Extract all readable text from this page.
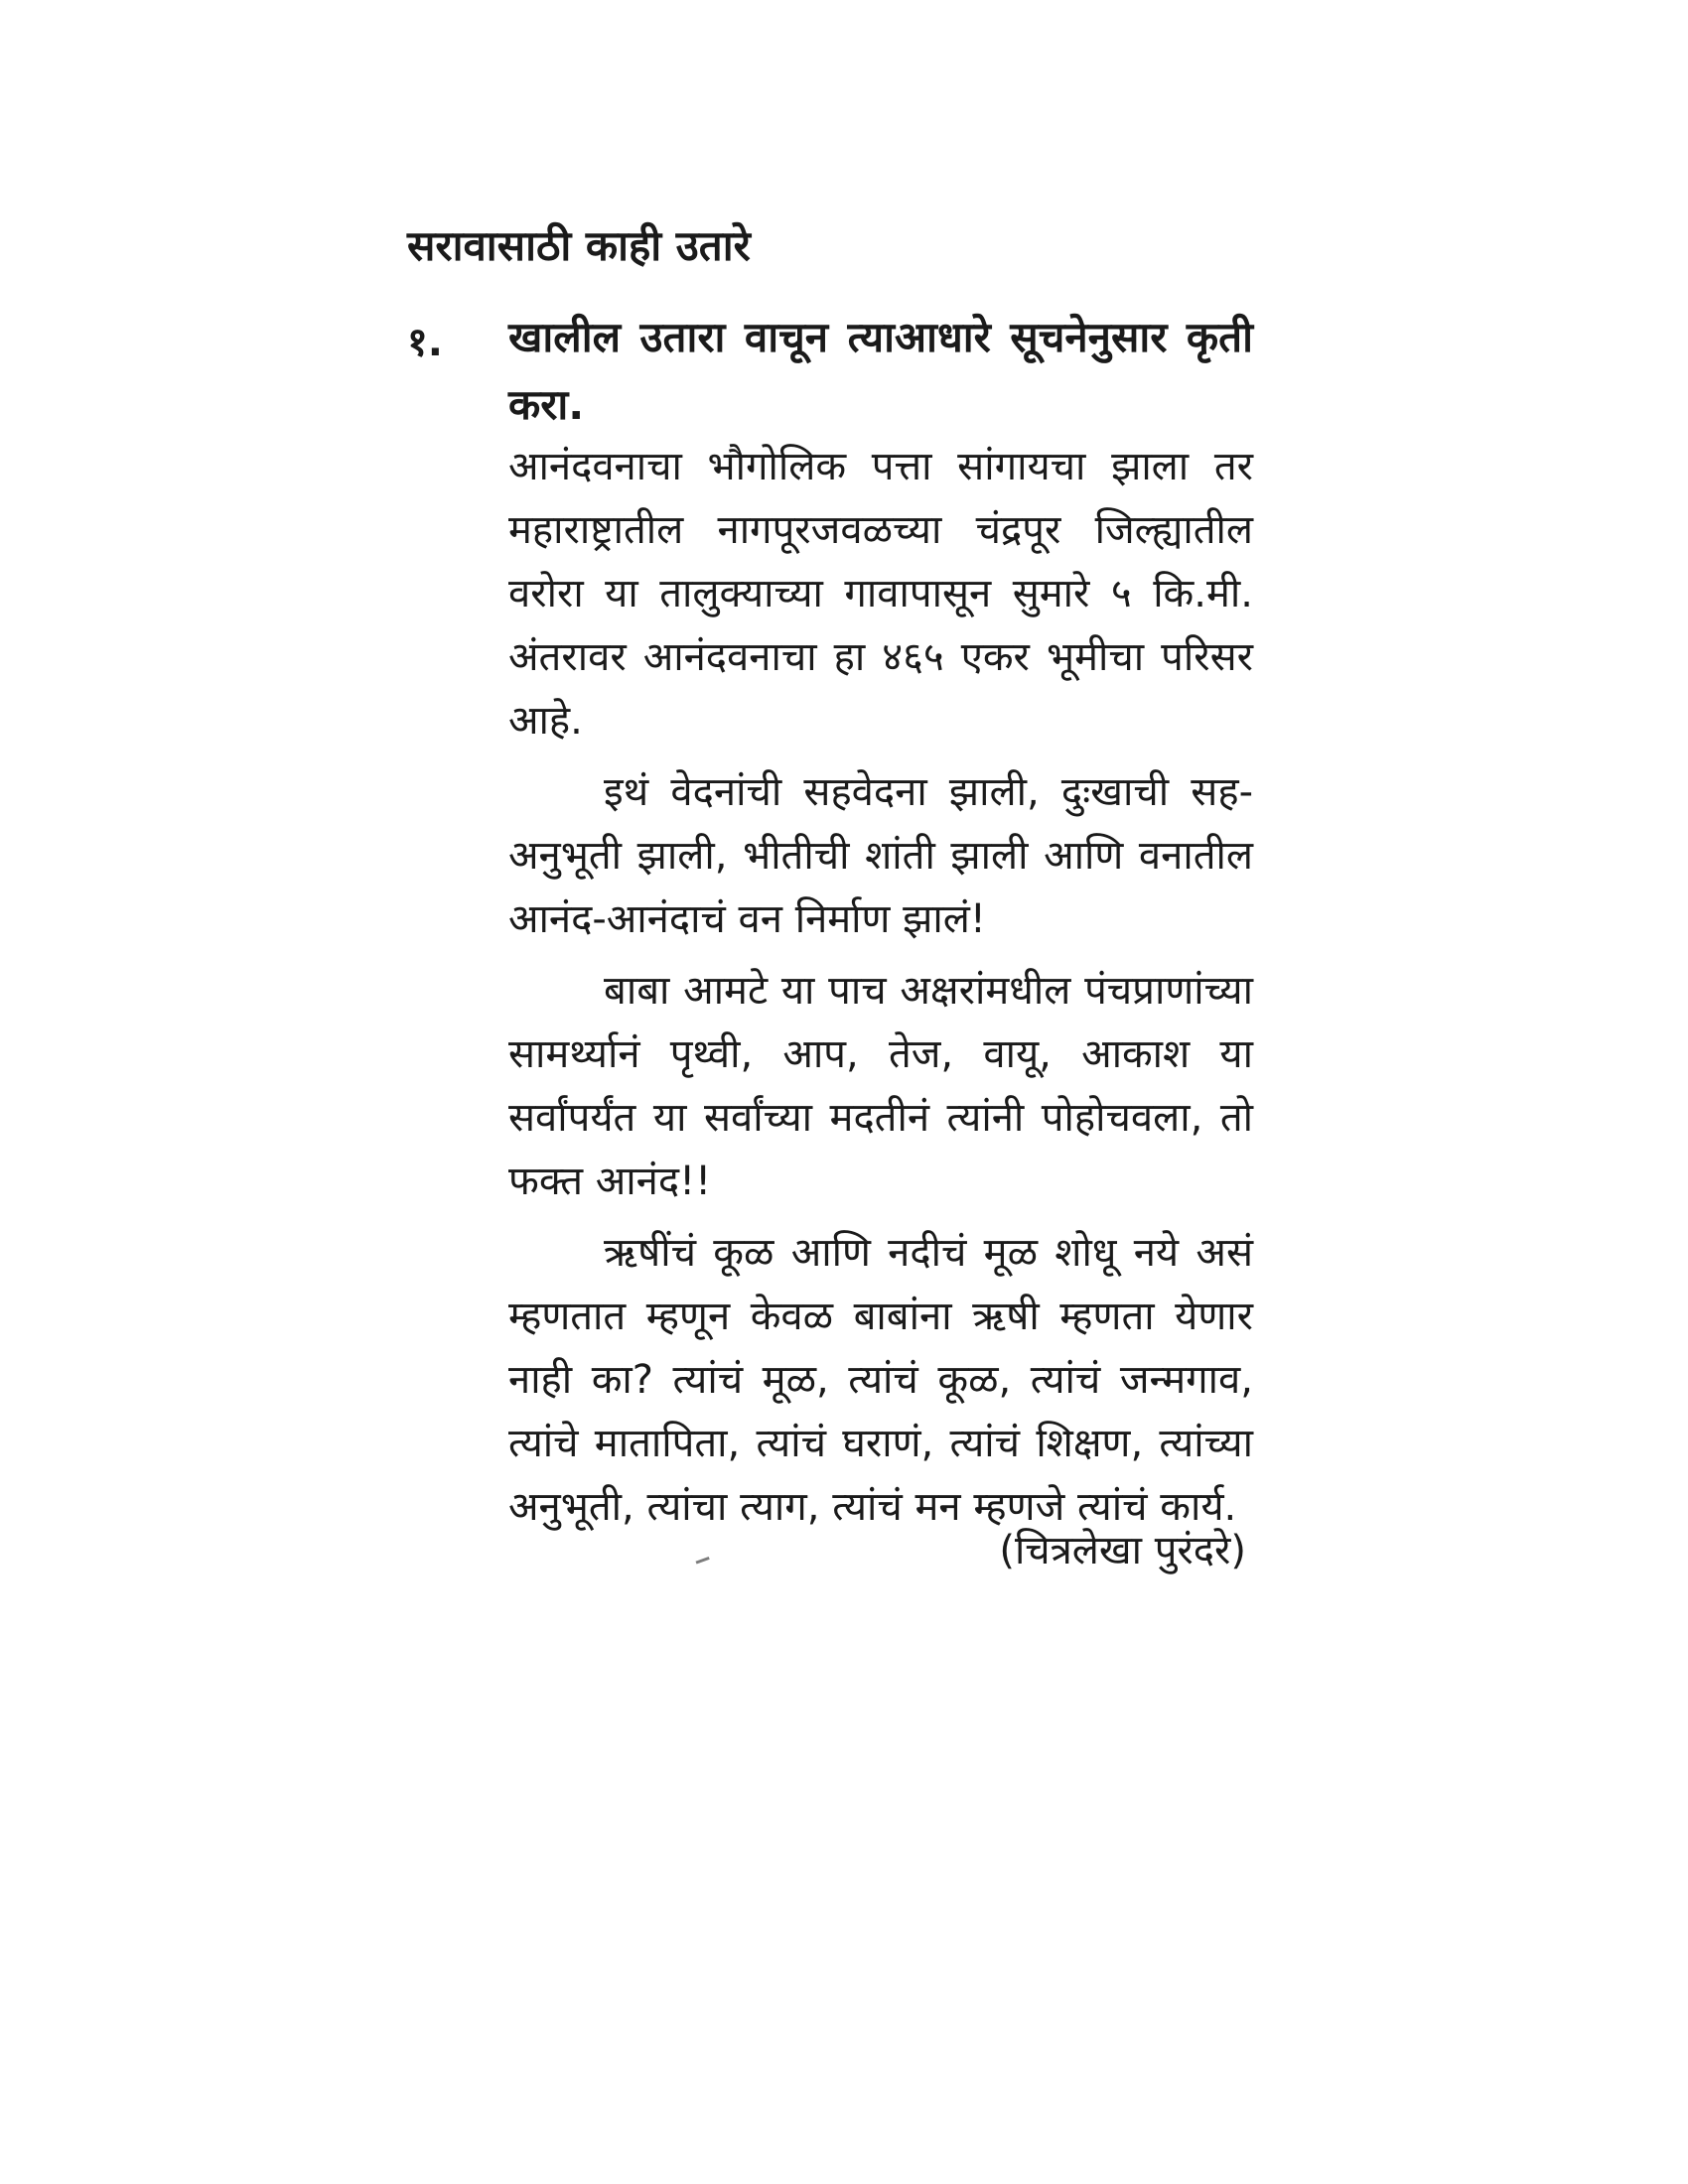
सरावासाठी काही उतारे
१. खालील उतारा वाचून त्याआधारे सूचनेनुसार कृती करा.

आनंदवनाचा भौगोलिक पत्ता सांगायचा झाला तर महाराष्ट्रातील नागपूरजवळच्या चंद्रपूर जिल्ह्यातील वरोरा या तालुक्याच्या गावापासून सुमारे ५ कि.मी. अंतरावर आनंदवनाचा हा ४६५ एकर भूमीचा परिसर आहे.

इथं वेदनांची सहवेदना झाली, दुःखाची सह-अनुभूती झाली, भीतीची शांती झाली आणि वनातील आनंद-आनंदाचं वन निर्माण झालं!

बाबा आमटे या पाच अक्षरांमधील पंचप्राणांच्या सामर्थ्यानं पृथ्वी, आप, तेज, वायू, आकाश या सर्वांपर्यंत या सर्वांच्या मदतीनं त्यांनी पोहोचवला, तो फक्त आनंद!!

ऋषींचं कूळ आणि नदीचं मूळ शोधू नये असं म्हणतात म्हणून केवळ बाबांना ऋषी म्हणता येणार नाही का? त्यांचं मूळ, त्यांचं कूळ, त्यांचं जन्मगाव, त्यांचे मातापिता, त्यांचं घराणं, त्यांचं शिक्षण, त्यांच्या अनुभूती, त्यांचा त्याग, त्यांचं मन म्हणजे त्यांचं कार्य.

(चित्रलेखा पुरंदरे)
